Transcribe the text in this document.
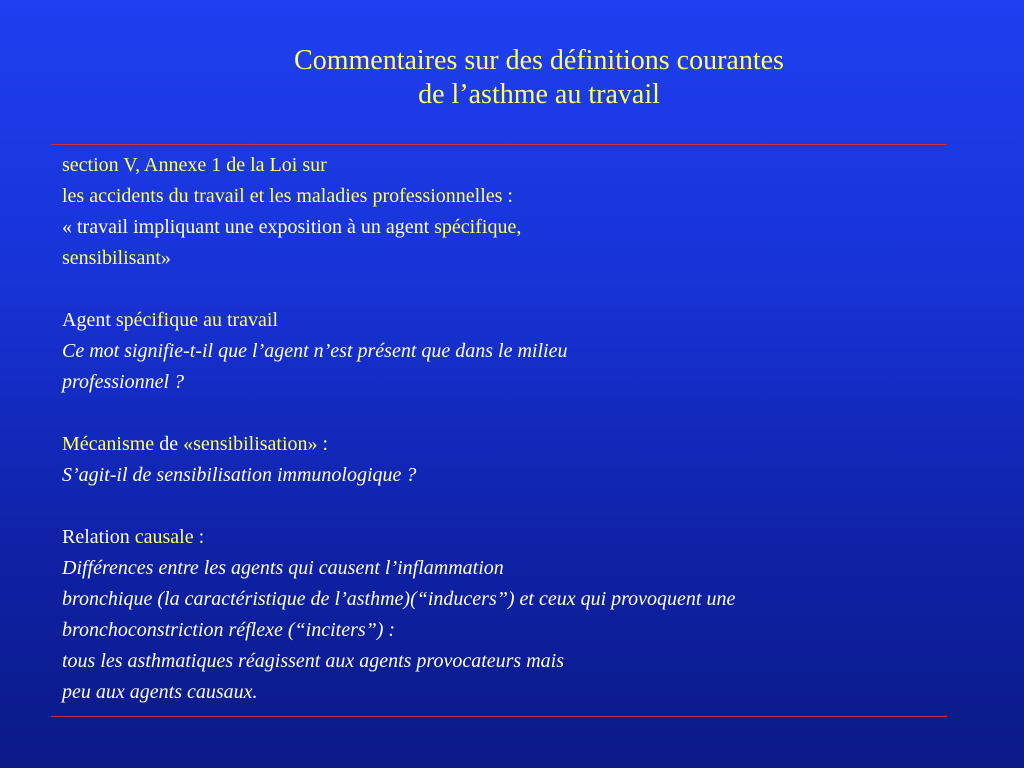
Commentaires sur des définitions courantes
de l’asthme au travail
section V, Annexe 1 de la Loi sur
les accidents du travail et les maladies professionnelles :
« travail impliquant une exposition à un agent spécifique,
sensibilisant»
Agent spécifique au travail
Ce mot signifie-t-il que l’agent n’est présent que dans le milieu
professionnel ?
Mécanisme de «sensibilisation» :
S’agit-il de sensibilisation immunologique ?
Relation causale :
Différences entre les agents qui causent l’inflammation
bronchique (la caractéristique de l’asthme)(“inducers”) et ceux qui provoquent une
bronchoconstriction réflexe (“inciters”) :
tous les asthmatiques réagissent aux agents provocateurs mais
peu aux agents causaux.
